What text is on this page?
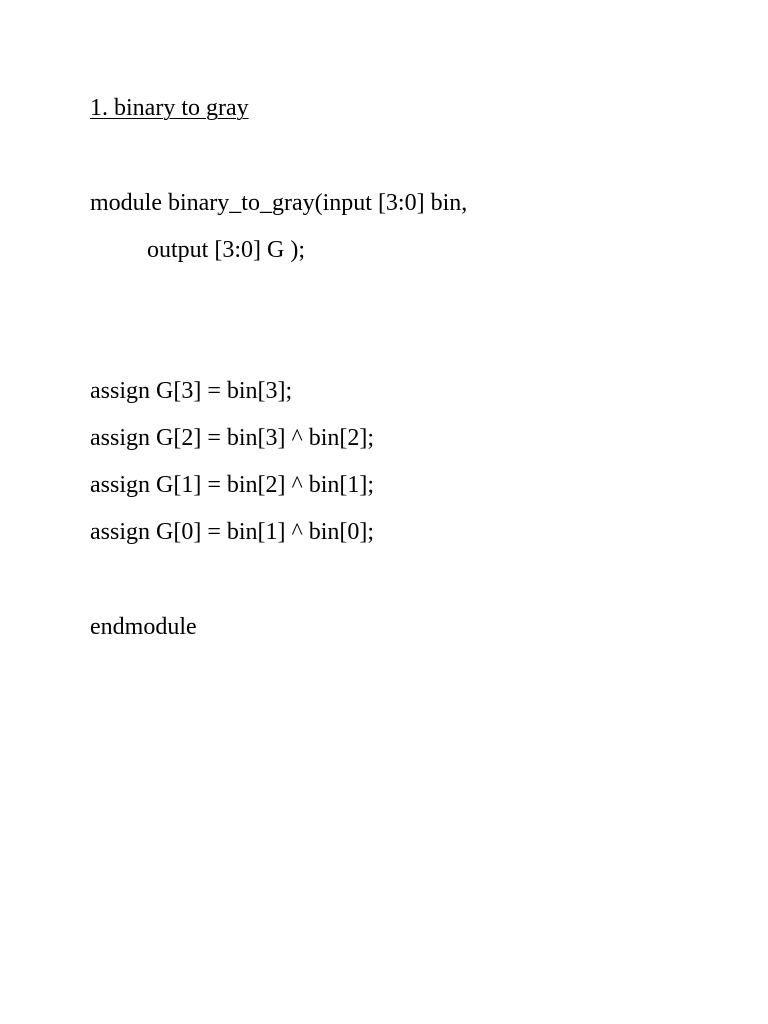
1. binary to gray
module binary_to_gray(input [3:0] bin,
output [3:0] G );
assign G[3] = bin[3];
assign G[2] = bin[3] ^ bin[2];
assign G[1] = bin[2] ^ bin[1];
assign G[0] = bin[1] ^ bin[0];
endmodule
